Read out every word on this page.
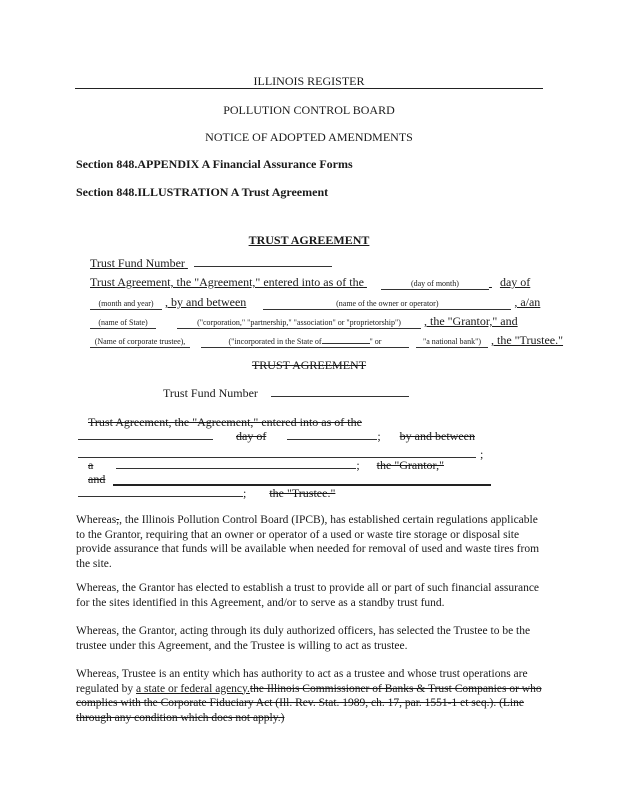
ILLINOIS REGISTER
POLLUTION CONTROL BOARD
NOTICE OF ADOPTED AMENDMENTS
Section 848.APPENDIX A Financial Assurance Forms
Section 848.ILLUSTRATION A Trust Agreement
TRUST AGREEMENT
Trust Fund Number
Trust Agreement, the "Agreement," entered into as of the	(day of month)	day of
(month and year) , by and between	(name of the owner or operator)	, a/an
(name of State)	("corporation," "partnership," "association" or "proprietorship") , the "Grantor," and
(Name of corporate trustee),	("incorporated in the State of	" or	"a national bank") , the "Trustee."
TRUST AGREEMENT
Trust Fund Number
Trust Agreement, the "Agreement," entered into as of the
day of	; by and between
;
a	; the "Grantor,"
and
; the "Trustee."
Whereas,, the Illinois Pollution Control Board (IPCB), has established certain regulations applicable to the Grantor, requiring that an owner or operator of a used or waste tire storage or disposal site provide assurance that funds will be available when needed for removal of used and waste tires from the site.
Whereas, the Grantor has elected to establish a trust to provide all or part of such financial assurance for the sites identified in this Agreement, and/or to serve as a standby trust fund.
Whereas, the Grantor, acting through its duly authorized officers, has selected the Trustee to be the trustee under this Agreement, and the Trustee is willing to act as trustee.
Whereas, Trustee is an entity which has authority to act as a trustee and whose trust operations are regulated by a state or federal agency.the Illinois Commissioner of Banks & Trust Companies or who complies with the Corporate Fiduciary Act (Ill. Rev. Stat. 1989, ch. 17, par. 1551-1 et seq.). (Line through any condition which does not apply.)
